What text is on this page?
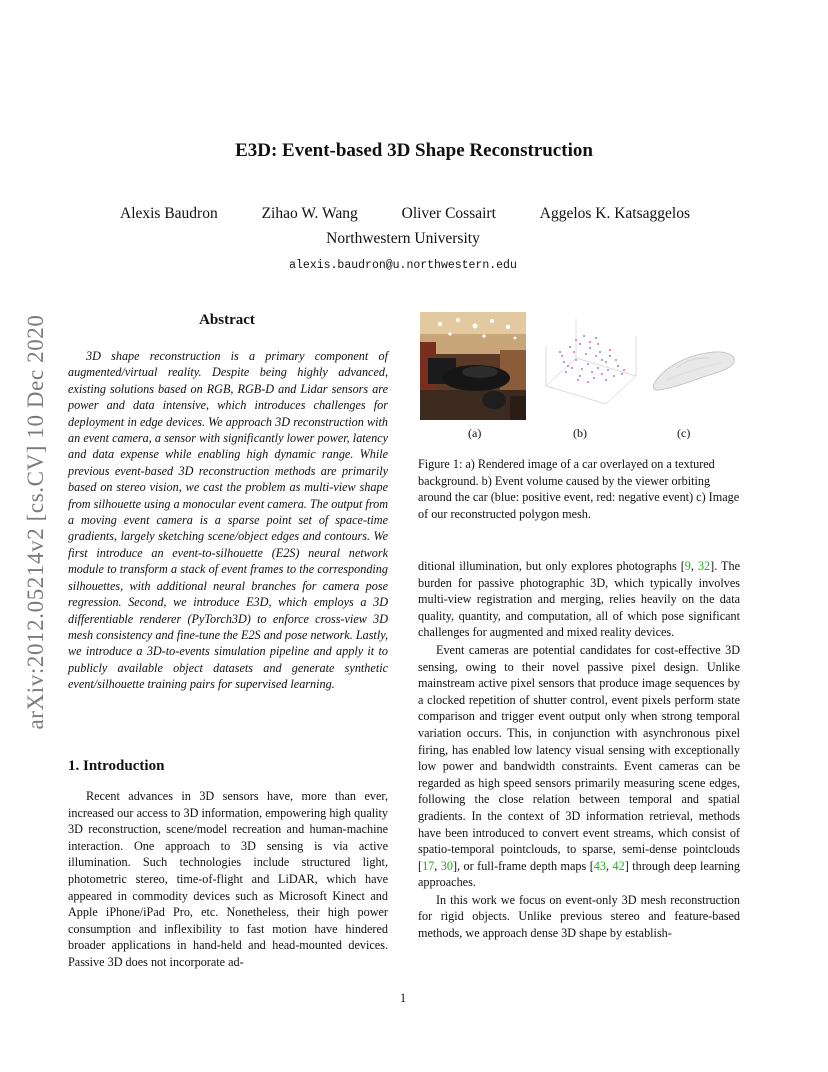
E3D: Event-based 3D Shape Reconstruction
Alexis Baudron	Zihao W. Wang	Oliver Cossairt	Aggelos K. Katsaggelos
Northwestern University
alexis.baudron@u.northwestern.edu
arXiv:2012.05214v2 [cs.CV] 10 Dec 2020	Abstract
3D shape reconstruction is a primary component of augmented/virtual reality. Despite being highly advanced, existing solutions based on RGB, RGB-D and Lidar sensors are power and data intensive, which introduces challenges for deployment in edge devices. We approach 3D reconstruction with an event camera, a sensor with significantly lower power, latency and data expense while enabling high dynamic range. While previous event-based 3D reconstruction methods are primarily based on stereo vision, we cast the problem as multi-view shape from silhouette using a monocular event camera. The output from a moving event camera is a sparse point set of space-time gradients, largely sketching scene/object edges and contours. We first introduce an event-to-silhouette (E2S) neural network module to transform a stack of event frames to the corresponding silhouettes, with additional neural branches for camera pose regression. Second, we introduce E3D, which employs a 3D differentiable renderer (PyTorch3D) to enforce cross-view 3D mesh consistency and fine-tune the E2S and pose network. Lastly, we introduce a 3D-to-events simulation pipeline and apply it to publicly available object datasets and generate synthetic event/silhouette training pairs for supervised learning.
1. Introduction
Recent advances in 3D sensors have, more than ever, increased our access to 3D information, empowering high quality 3D reconstruction, scene/model recreation and human-machine interaction. One approach to 3D sensing is via active illumination. Such technologies include structured light, photometric stereo, time-of-flight and LiDAR, which have appeared in commodity devices such as Microsoft Kinect and Apple iPhone/iPad Pro, etc. Nonetheless, their high power consumption and inflexibility to fast motion have hindered broader applications in hand-held and head-mounted devices. Passive 3D does not incorporate ad-
(a)	(b)	(c)
Figure 1: a) Rendered image of a car overlayed on a textured background. b) Event volume caused by the viewer orbiting around the car (blue: positive event, red: negative event) c) Image of our reconstructed polygon mesh.

ditional illumination, but only explores photographs [9, 32]. The burden for passive photographic 3D, which typically involves multi-view registration and merging, relies heavily on the data quality, quantity, and computation, all of which pose significant challenges for augmented and mixed reality devices.

Event cameras are potential candidates for cost-effective 3D sensing, owing to their novel passive pixel design. Unlike mainstream active pixel sensors that produce image sequences by a clocked repetition of shutter control, event pixels perform state comparison and trigger event output only when strong temporal variation occurs. This, in conjunction with asynchronous pixel firing, has enabled low latency visual sensing with exceptionally low power and bandwidth constraints. Event cameras can be regarded as high speed sensors primarily measuring scene edges, following the close relation between temporal and spatial gradients. In the context of 3D information retrieval, methods have been introduced to convert event streams, which consist of spatio-temporal pointclouds, to sparse, semi-dense pointclouds [17, 30], or full-frame depth maps [43, 42] through deep learning approaches.

In this work we focus on event-only 3D mesh reconstruction for rigid objects. Unlike previous stereo and feature-based methods, we approach dense 3D shape by establish-

1
